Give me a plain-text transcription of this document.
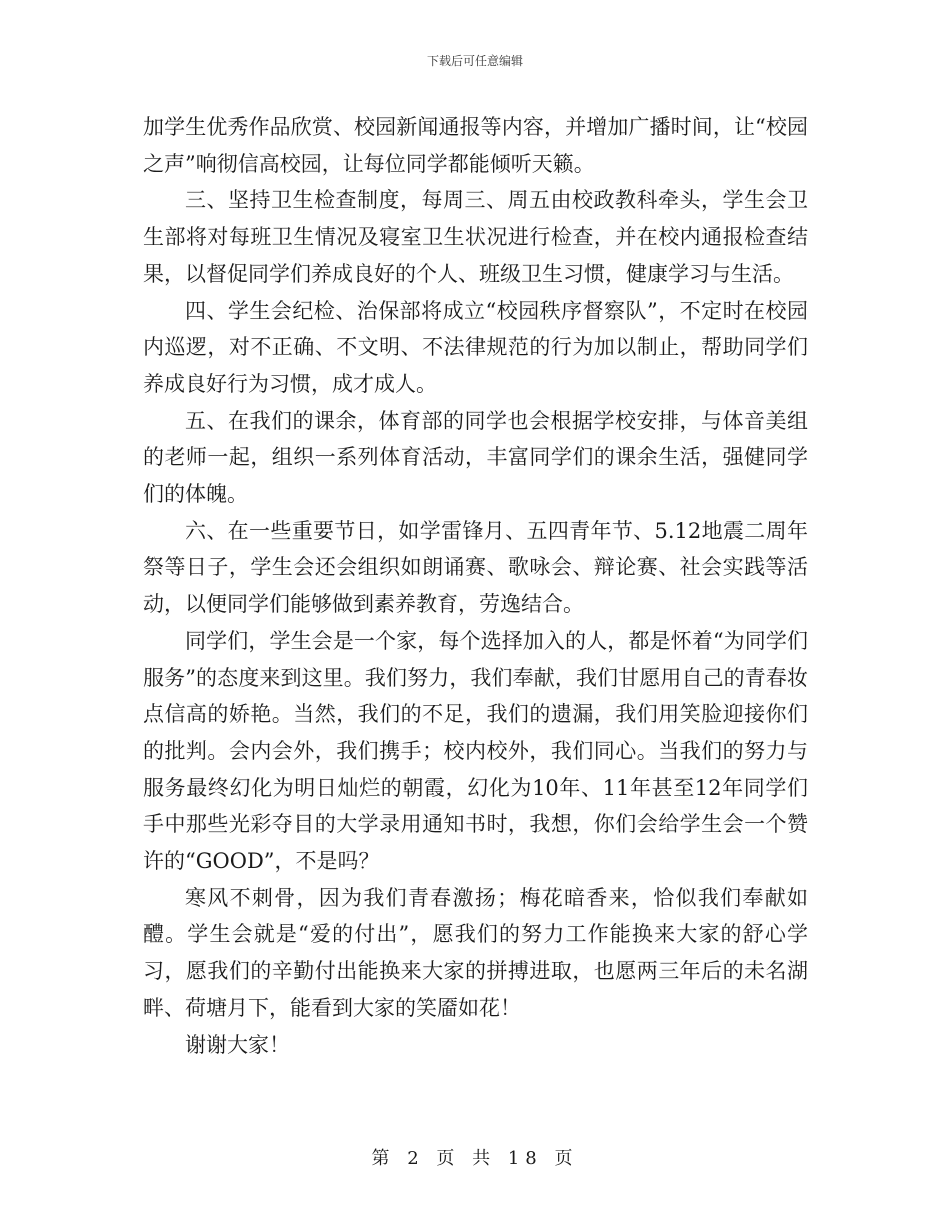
下载后可任意编辑

加学生优秀作品欣赏、校园新闻通报等内容，并增加广播时间，让“校园之声”响彻信高校园，让每位同学都能倾听天籁。

三、坚持卫生检查制度，每周三、周五由校政教科牵头，学生会卫生部将对每班卫生情况及寝室卫生状况进行检查，并在校内通报检查结果，以督促同学们养成良好的个人、班级卫生习惯，健康学习与生活。

四、学生会纪检、治保部将成立“校园秩序督察队”，不定时在校园内巡逻，对不正确、不文明、不法律规范的行为加以制止，帮助同学们养成良好行为习惯，成才成人。

五、在我们的课余，体育部的同学也会根据学校安排，与体音美组的老师一起，组织一系列体育活动，丰富同学们的课余生活，强健同学们的体魄。

六、在一些重要节日，如学雷锋月、五四青年节、5.12地震二周年祭等日子，学生会还会组织如朗诵赛、歌咏会、辩论赛、社会实践等活动，以便同学们能够做到素养教育，劳逸结合。

同学们，学生会是一个家，每个选择加入的人，都是怀着“为同学们服务”的态度来到这里。我们努力，我们奉献，我们甘愿用自己的青春妆点信高的娇艳。当然，我们的不足，我们的遗漏，我们用笑脸迎接你们的批判。会内会外，我们携手；校内校外，我们同心。当我们的努力与服务最终幻化为明日灿烂的朝霞，幻化为10年、11年甚至12年同学们手中那些光彩夺目的大学录用通知书时，我想，你们会给学生会一个赞许的“GOOD”，不是吗？

寒风不刺骨，因为我们青春激扬；梅花暗香来，恰似我们奉献如醴。学生会就是“爱的付出”，愿我们的努力工作能换来大家的舒心学习，愿我们的辛勤付出能换来大家的拼搏进取，也愿两三年后的未名湖畔、荷塘月下，能看到大家的笑靥如花！

谢谢大家！

第 2 页 共 18 页
